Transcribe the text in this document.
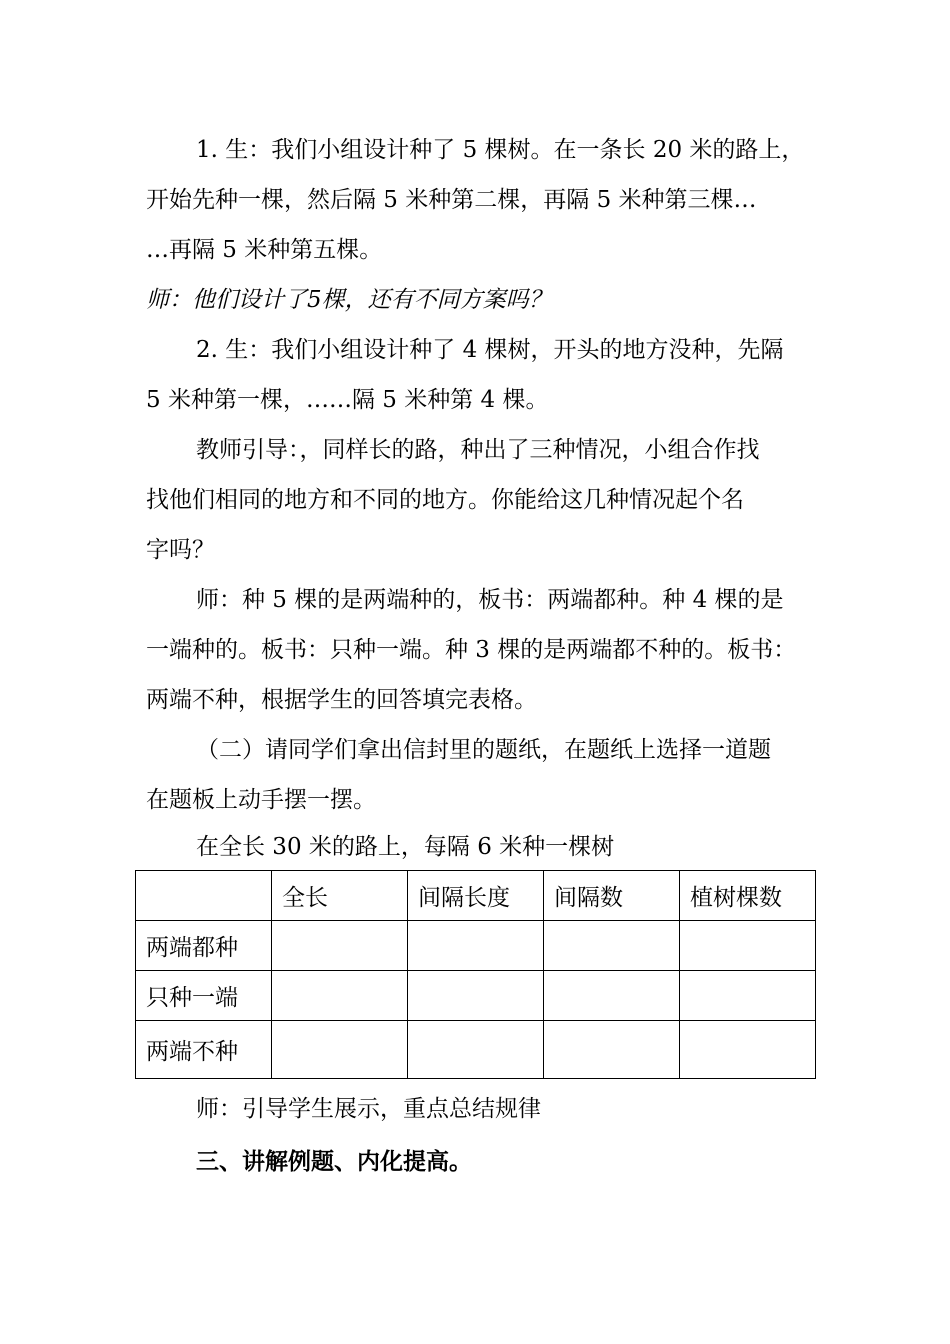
1. 生：我们小组设计种了 5 棵树。在一条长 20 米的路上，
开始先种一棵，然后隔 5 米种第二棵，再隔 5 米种第三棵…
…再隔 5 米种第五棵。
师：他们设计了5棵，还有不同方案吗？
2. 生：我们小组设计种了 4 棵树，开头的地方没种，先隔
5 米种第一棵，……隔 5 米种第 4 棵。
教师引导：，同样长的路，种出了三种情况，小组合作找
找他们相同的地方和不同的地方。你能给这几种情况起个名
字吗？
师：种 5 棵的是两端种的，板书：两端都种。种 4 棵的是
一端种的。板书：只种一端。种 3 棵的是两端都不种的。板书：
两端不种，根据学生的回答填完表格。
（二）请同学们拿出信封里的题纸，在题纸上选择一道题
在题板上动手摆一摆。
在全长 30 米的路上，每隔 6 米种一棵树
	全长	间隔长度	间隔数	植树棵数
两端都种				
只种一端				
两端不种				
师：引导学生展示，重点总结规律
三、讲解例题、内化提高。
